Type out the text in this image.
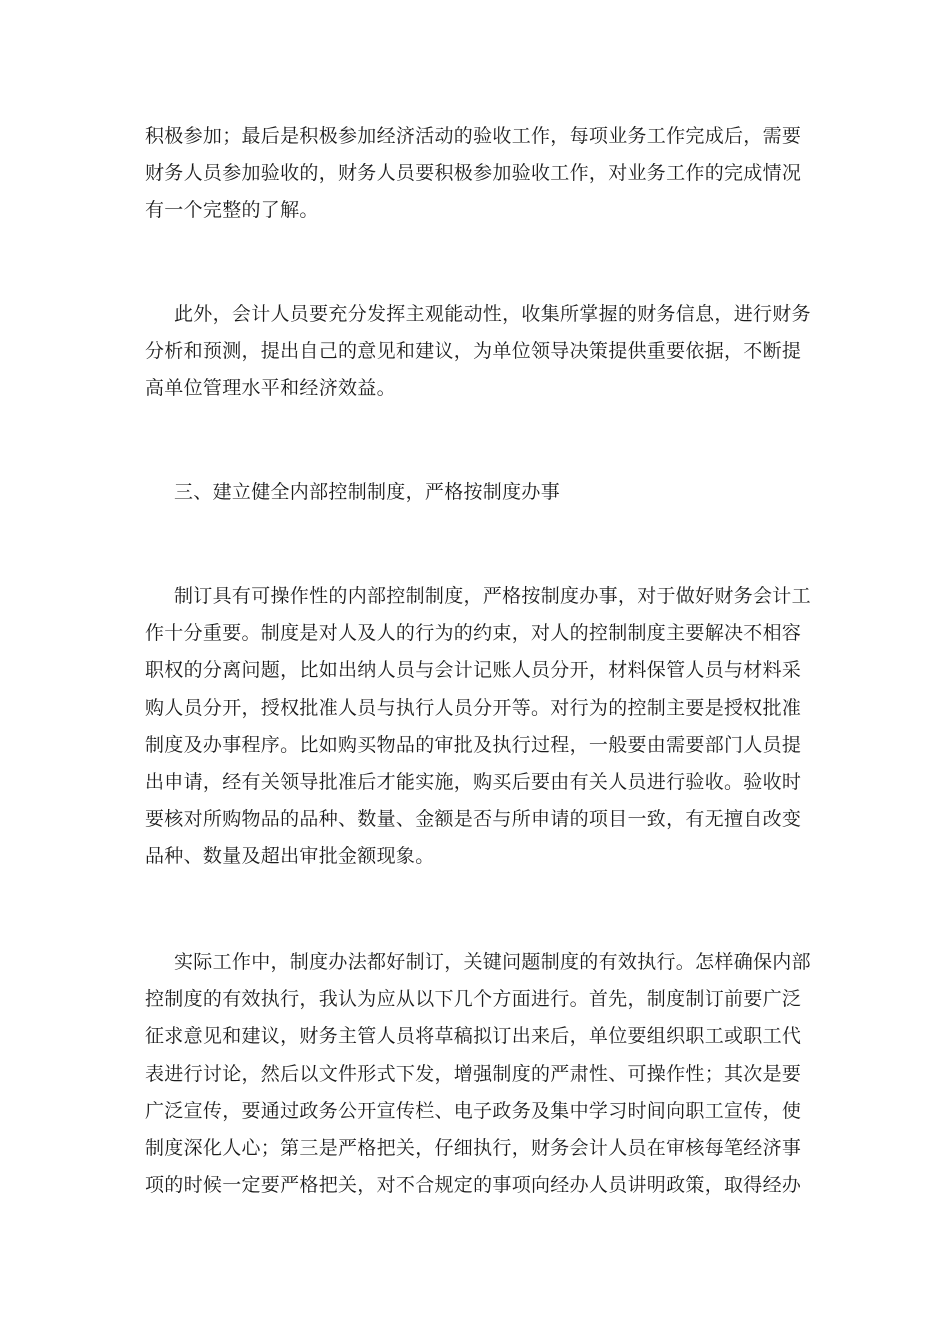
积极参加；最后是积极参加经济活动的验收工作，每项业务工作完成后，需要
财务人员参加验收的，财务人员要积极参加验收工作，对业务工作的完成情况
有一个完整的了解。
此外，会计人员要充分发挥主观能动性，收集所掌握的财务信息，进行财务
分析和预测，提出自己的意见和建议，为单位领导决策提供重要依据，不断提
高单位管理水平和经济效益。
三、建立健全内部控制制度，严格按制度办事
制订具有可操作性的内部控制制度，严格按制度办事，对于做好财务会计工
作十分重要。制度是对人及人的行为的约束，对人的控制制度主要解决不相容
职权的分离问题，比如出纳人员与会计记账人员分开，材料保管人员与材料采
购人员分开，授权批准人员与执行人员分开等。对行为的控制主要是授权批准
制度及办事程序。比如购买物品的审批及执行过程，一般要由需要部门人员提
出申请，经有关领导批准后才能实施，购买后要由有关人员进行验收。验收时
要核对所购物品的品种、数量、金额是否与所申请的项目一致，有无擅自改变
品种、数量及超出审批金额现象。
实际工作中，制度办法都好制订，关键问题制度的有效执行。怎样确保内部
控制度的有效执行，我认为应从以下几个方面进行。首先，制度制订前要广泛
征求意见和建议，财务主管人员将草稿拟订出来后，单位要组织职工或职工代
表进行讨论，然后以文件形式下发，增强制度的严肃性、可操作性；其次是要
广泛宣传，要通过政务公开宣传栏、电子政务及集中学习时间向职工宣传，使
制度深化人心；第三是严格把关，仔细执行，财务会计人员在审核每笔经济事
项的时候一定要严格把关，对不合规定的事项向经办人员讲明政策，取得经办
